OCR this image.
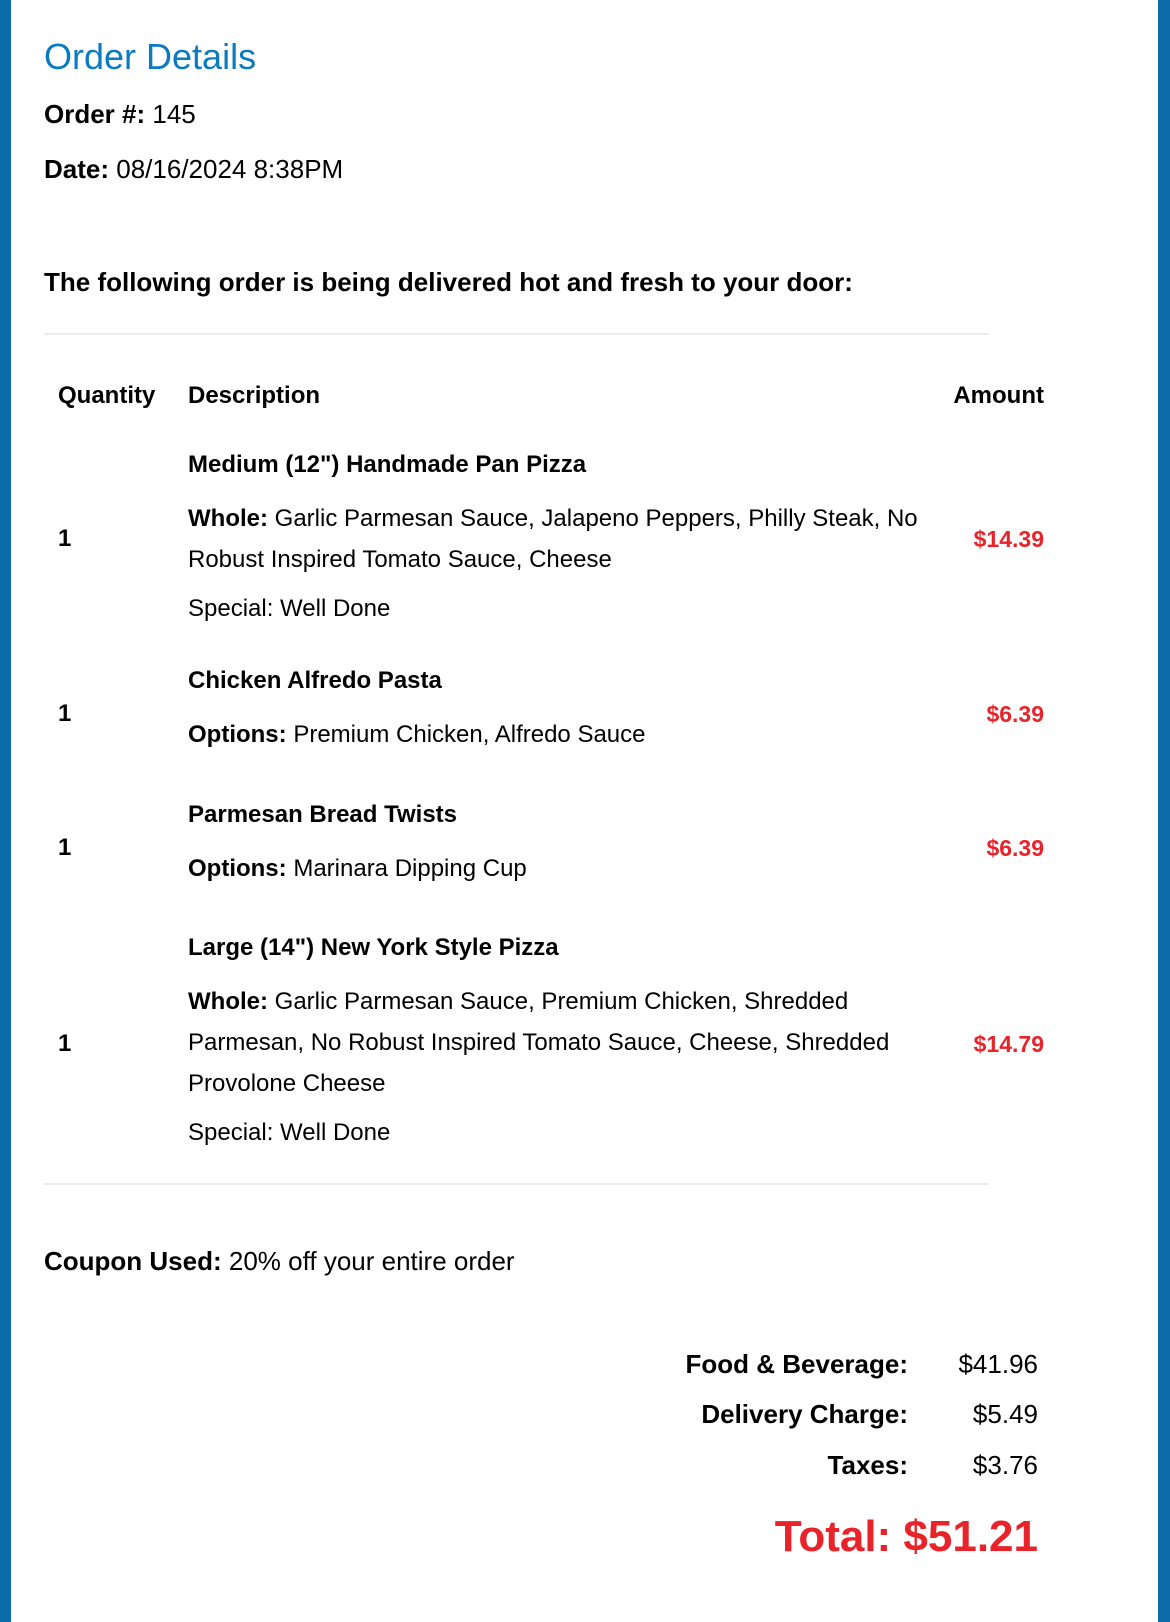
Order Details
Order #: 145
Date: 08/16/2024 8:38PM
The following order is being delivered hot and fresh to your door:
Quantity Description	Amount
1
Medium (12") Handmade Pan Pizza
Whole: Garlic Parmesan Sauce, Jalapeno Peppers, Philly Steak, No Robust Inspired Tomato Sauce, Cheese
Special: Well Done
$14.39
1
Chicken Alfredo Pasta
Options: Premium Chicken, Alfredo Sauce
$6.39
1
Parmesan Bread Twists
Options: Marinara Dipping Cup
$6.39
1
Large (14") New York Style Pizza
Whole: Garlic Parmesan Sauce, Premium Chicken, Shredded Parmesan, No Robust Inspired Tomato Sauce, Cheese, Shredded Provolone Cheese
Special: Well Done
$14.79
Coupon Used: 20% off your entire order
Food & Beverage: $41.96
Delivery Charge: $5.49
Taxes: $3.76
Total: $51.21
